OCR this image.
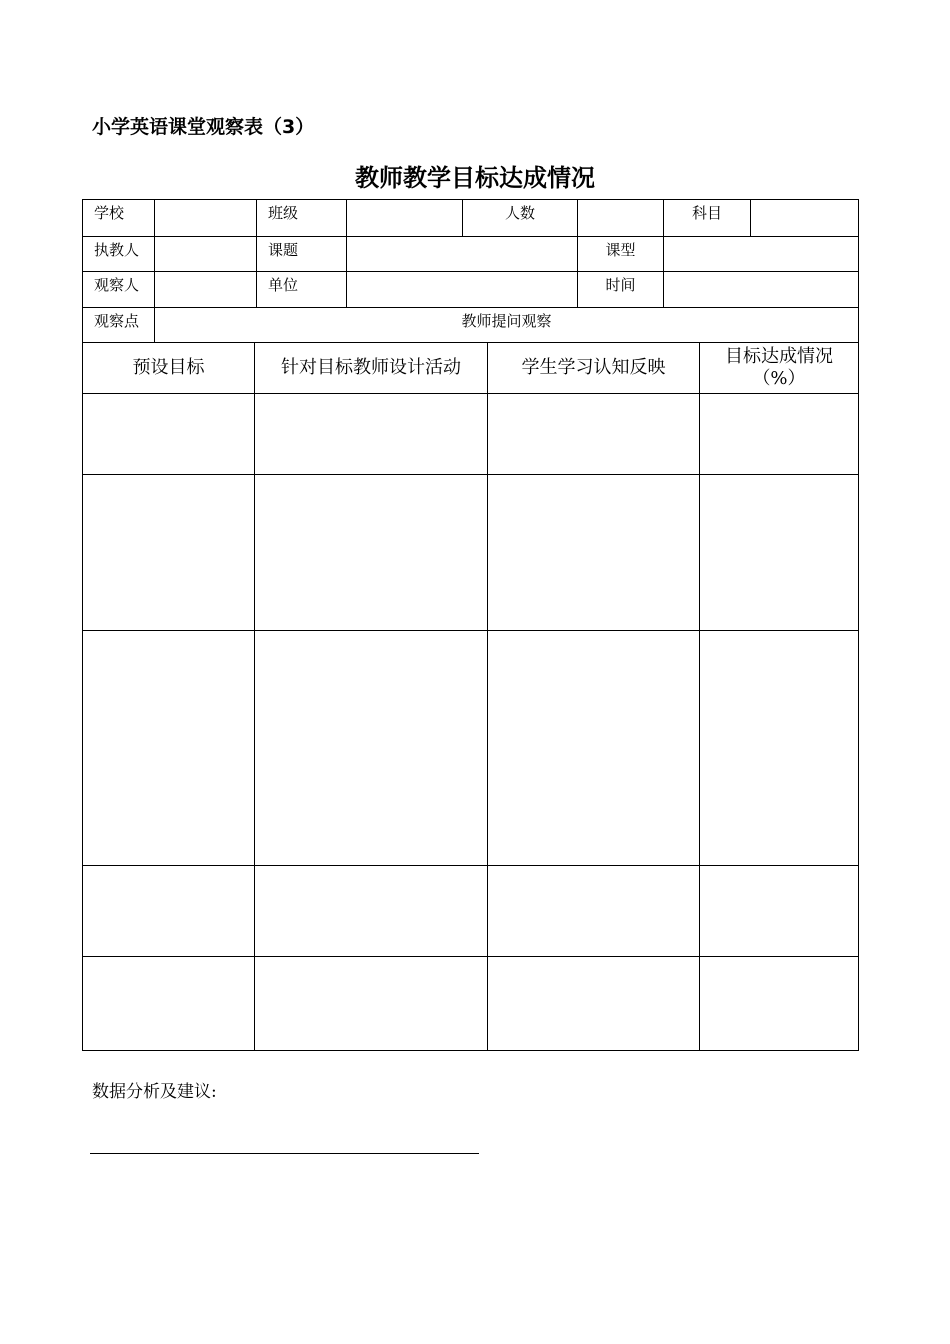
小学英语课堂观察表（3）
教师教学目标达成情况
学校		班级		人数		科目	
执教人		课题			课型		
观察人		单位			时间		
观察点	教师提问观察						
预设目标	针对目标教师设计活动	学生学习认知反映	目标达成情况
（%）

数据分析及建议:
